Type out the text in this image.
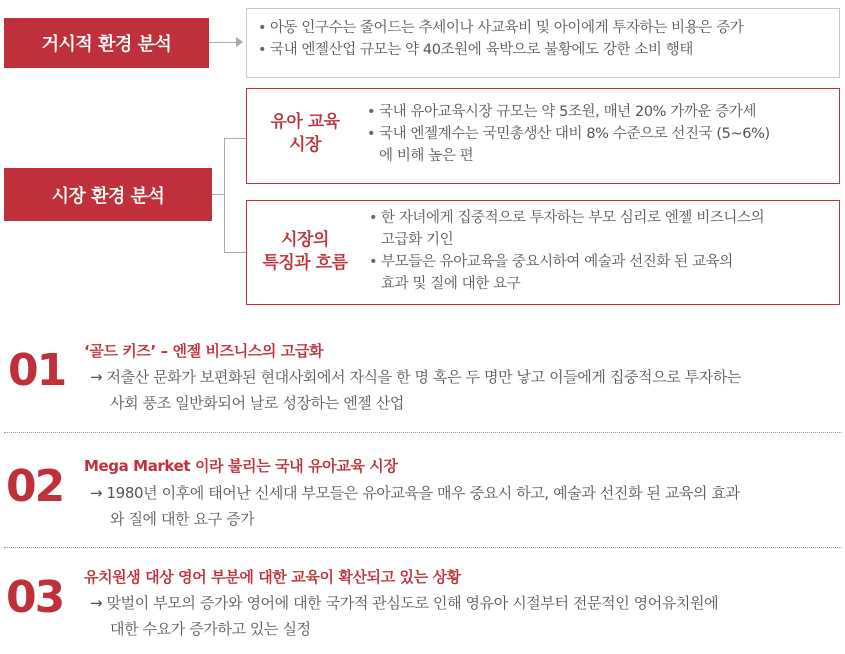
거시적 환경 분석
• 아동 인구수는 줄어드는 추세이나 사교육비 및 아이에게 투자하는 비용은 증가
• 국내 엔젤산업 규모는 약 40조원에 육박으로 불황에도 강한 소비 행태
시장 환경 분석
유아 교육
시장
• 국내 유아교육시장 규모는 약 5조원, 매년 20% 가까운 증가세
• 국내 엔젤계수는 국민총생산 대비 8% 수준으로 선진국 (5~6%)
에 비해 높은 편
시장의
특징과 흐름
• 한 자녀에게 집중적으로 투자하는 부모 심리로 엔젤 비즈니스의
고급화 기인
• 부모들은 유아교육을 중요시하여 예술과 선진화 된 교육의
효과 및 질에 대한 요구
01 ‘골드 키즈’ – 엔젤 비즈니스의 고급화
→ 저출산 문화가 보편화된 현대사회에서 자식을 한 명 혹은 두 명만 낳고 이들에게 집중적으로 투자하는
사회 풍조 일반화되어 날로 성장하는 엔젤 산업
02 Mega Market 이라 불리는 국내 유아교육 시장
→ 1980년 이후에 태어난 신세대 부모들은 유아교육을 매우 중요시 하고, 예술과 선진화 된 교육의 효과
와 질에 대한 요구 증가
03 유치원생 대상 영어 부분에 대한 교육이 확산되고 있는 상황
→ 맞벌이 부모의 증가와 영어에 대한 국가적 관심도로 인해 영유아 시절부터 전문적인 영어유치원에
대한 수요가 증가하고 있는 실정
